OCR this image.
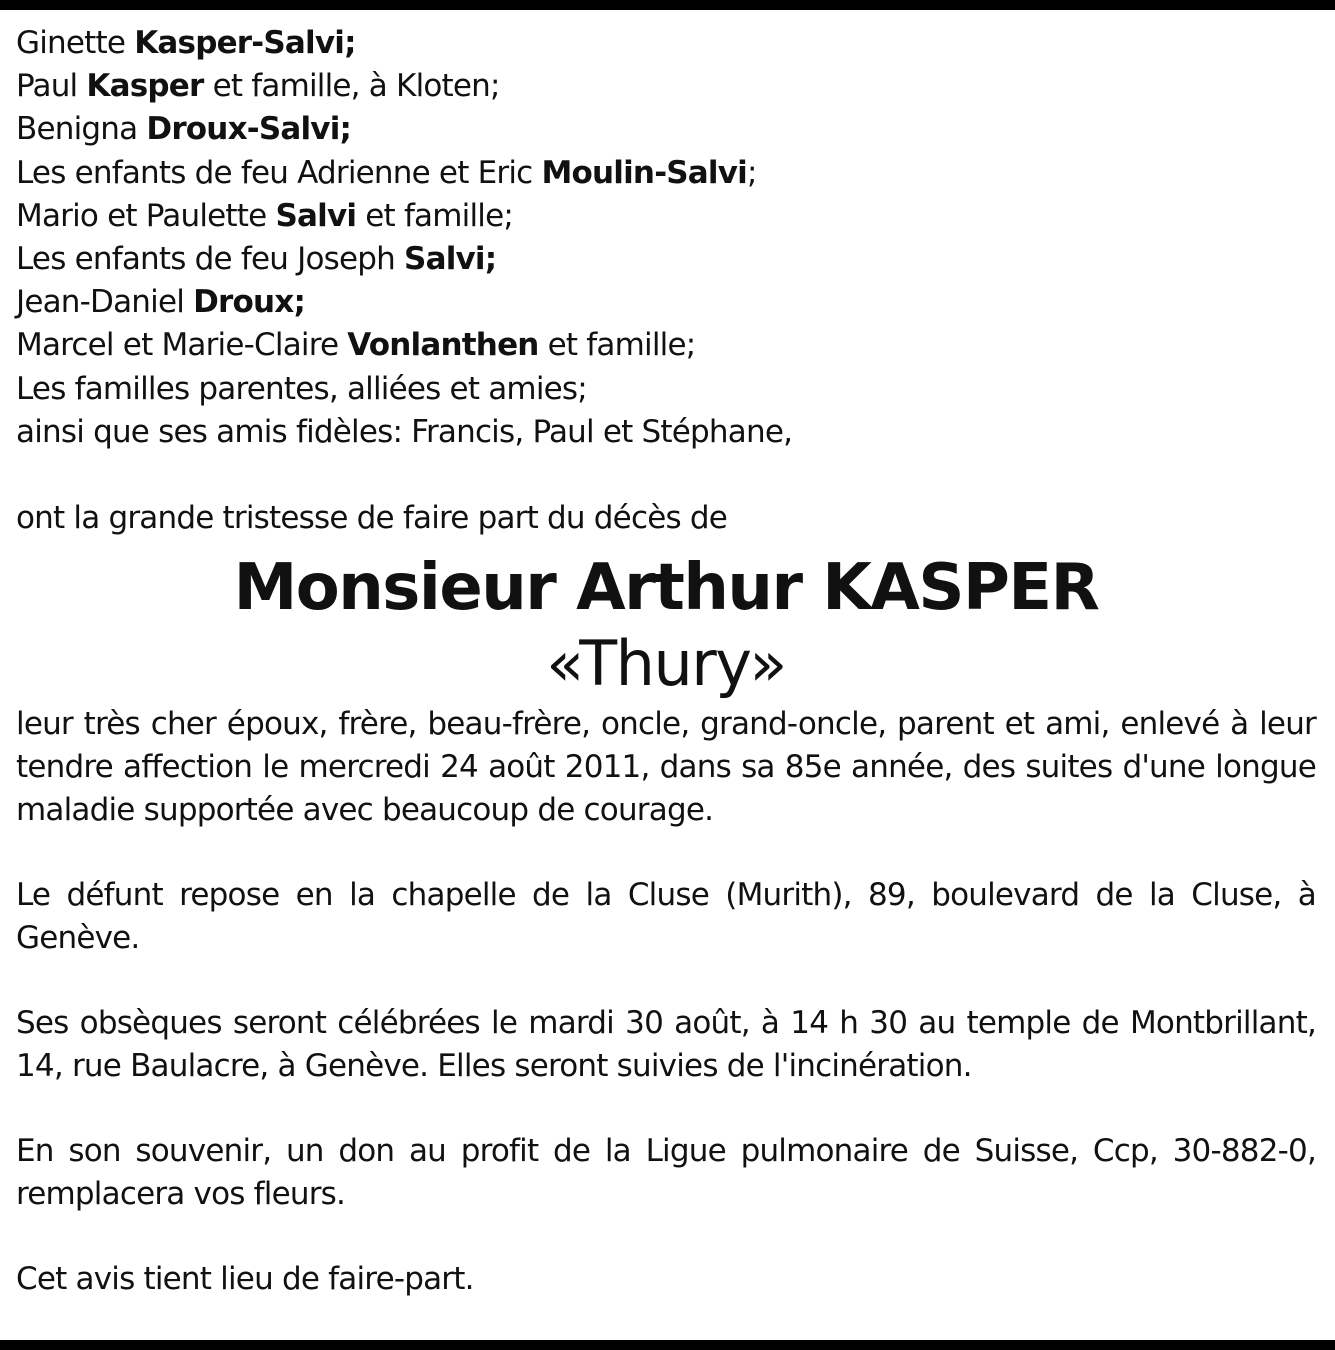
Ginette Kasper-Salvi;
Paul Kasper et famille, à Kloten;
Benigna Droux-Salvi;
Les enfants de feu Adrienne et Eric Moulin-Salvi;
Mario et Paulette Salvi et famille;
Les enfants de feu Joseph Salvi;
Jean-Daniel Droux;
Marcel et Marie-Claire Vonlanthen et famille;
Les familles parentes, alliées et amies;
ainsi que ses amis fidèles: Francis, Paul et Stéphane,
ont la grande tristesse de faire part du décès de
Monsieur Arthur KASPER
«Thury»
leur très cher époux, frère, beau-frère, oncle, grand-oncle, parent et ami, enlevé à leur tendre affection le mercredi 24 août 2011, dans sa 85e année, des suites d'une longue maladie supportée avec beaucoup de courage.
Le défunt repose en la chapelle de la Cluse (Murith), 89, boulevard de la Cluse, à Genève.
Ses obsèques seront célébrées le mardi 30 août, à 14 h 30 au temple de Montbrillant, 14, rue Baulacre, à Genève. Elles seront suivies de l'incinération.
En son souvenir, un don au profit de la Ligue pulmonaire de Suisse, Ccp, 30-882-0, remplacera vos fleurs.
Cet avis tient lieu de faire-part.
